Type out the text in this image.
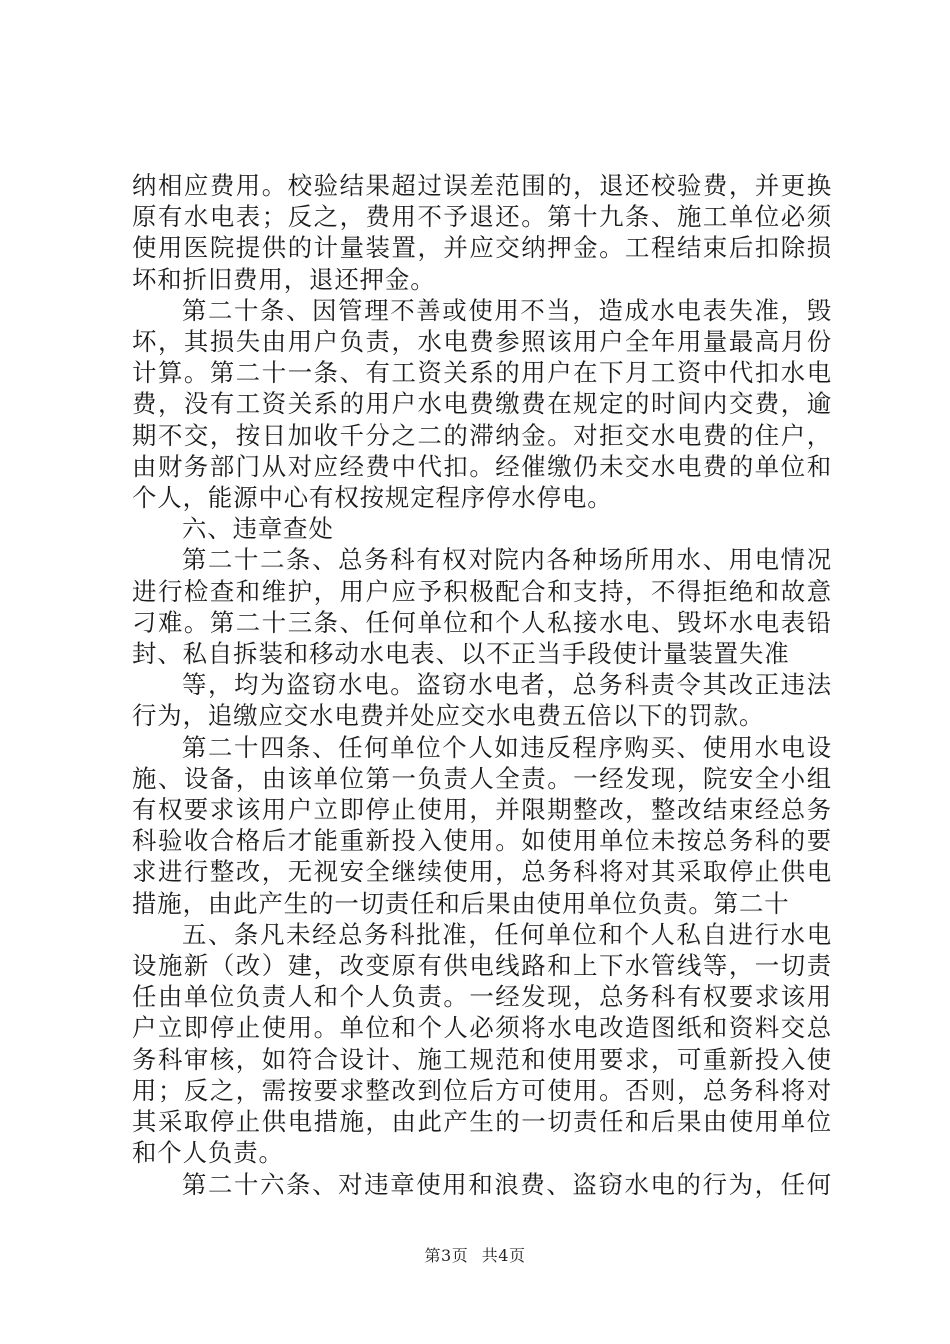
纳相应费用。校验结果超过误差范围的，退还校验费，并更换
原有水电表；反之，费用不予退还。第十九条、施工单位必须
使用医院提供的计量装置，并应交纳押金。工程结束后扣除损
坏和折旧费用，退还押金。
第二十条、因管理不善或使用不当，造成水电表失准，毁
坏，其损失由用户负责，水电费参照该用户全年用量最高月份
计算。第二十一条、有工资关系的用户在下月工资中代扣水电
费，没有工资关系的用户水电费缴费在规定的时间内交费，逾
期不交，按日加收千分之二的滞纳金。对拒交水电费的住户，
由财务部门从对应经费中代扣。经催缴仍未交水电费的单位和
个人，能源中心有权按规定程序停水停电。
六、违章查处
第二十二条、总务科有权对院内各种场所用水、用电情况
进行检查和维护，用户应予积极配合和支持，不得拒绝和故意
刁难。第二十三条、任何单位和个人私接水电、毁坏水电表铅
封、私自拆装和移动水电表、以不正当手段使计量装置失准
等，均为盗窃水电。盗窃水电者，总务科责令其改正违法
行为，追缴应交水电费并处应交水电费五倍以下的罚款。
第二十四条、任何单位个人如违反程序购买、使用水电设
施、设备，由该单位第一负责人全责。一经发现，院安全小组
有权要求该用户立即停止使用，并限期整改，整改结束经总务
科验收合格后才能重新投入使用。如使用单位未按总务科的要
求进行整改，无视安全继续使用，总务科将对其采取停止供电
措施，由此产生的一切责任和后果由使用单位负责。第二十
五、条凡未经总务科批准，任何单位和个人私自进行水电
设施新（改）建，改变原有供电线路和上下水管线等，一切责
任由单位负责人和个人负责。一经发现，总务科有权要求该用
户立即停止使用。单位和个人必须将水电改造图纸和资料交总
务科审核，如符合设计、施工规范和使用要求，可重新投入使
用；反之，需按要求整改到位后方可使用。否则，总务科将对
其采取停止供电措施，由此产生的一切责任和后果由使用单位
和个人负责。
第二十六条、对违章使用和浪费、盗窃水电的行为，任何
第3页 共4页
